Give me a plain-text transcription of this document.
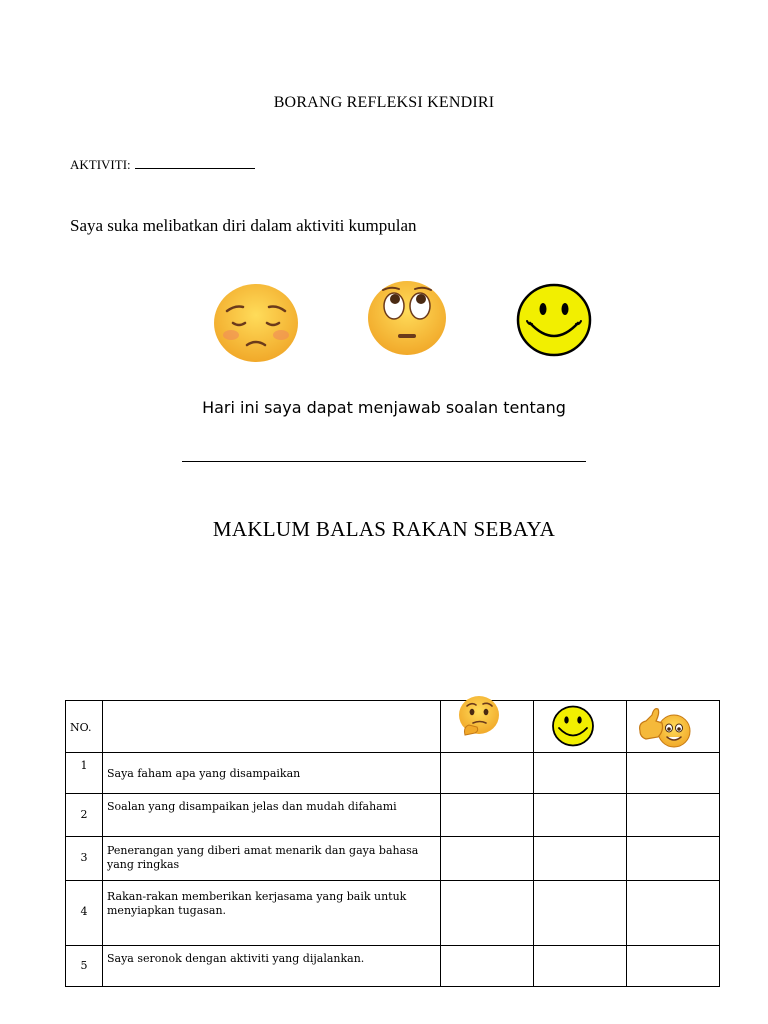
BORANG REFLEKSI KENDIRI
AKTIVITI:
Saya suka melibatkan diri dalam aktiviti kumpulan
Hari ini saya dapat menjawab soalan tentang
MAKLUM BALAS RAKAN SEBAYA
NO.				

1	Saya faham apa yang disampaikan			

2	Soalan yang disampaikan jelas dan mudah difahami			

3	Penerangan yang diberi amat menarik dan gaya bahasa yang ringkas			

4	Rakan-rakan memberikan kerjasama yang baik untuk menyiapkan tugasan.			

5	Saya seronok dengan aktiviti yang dijalankan.			
